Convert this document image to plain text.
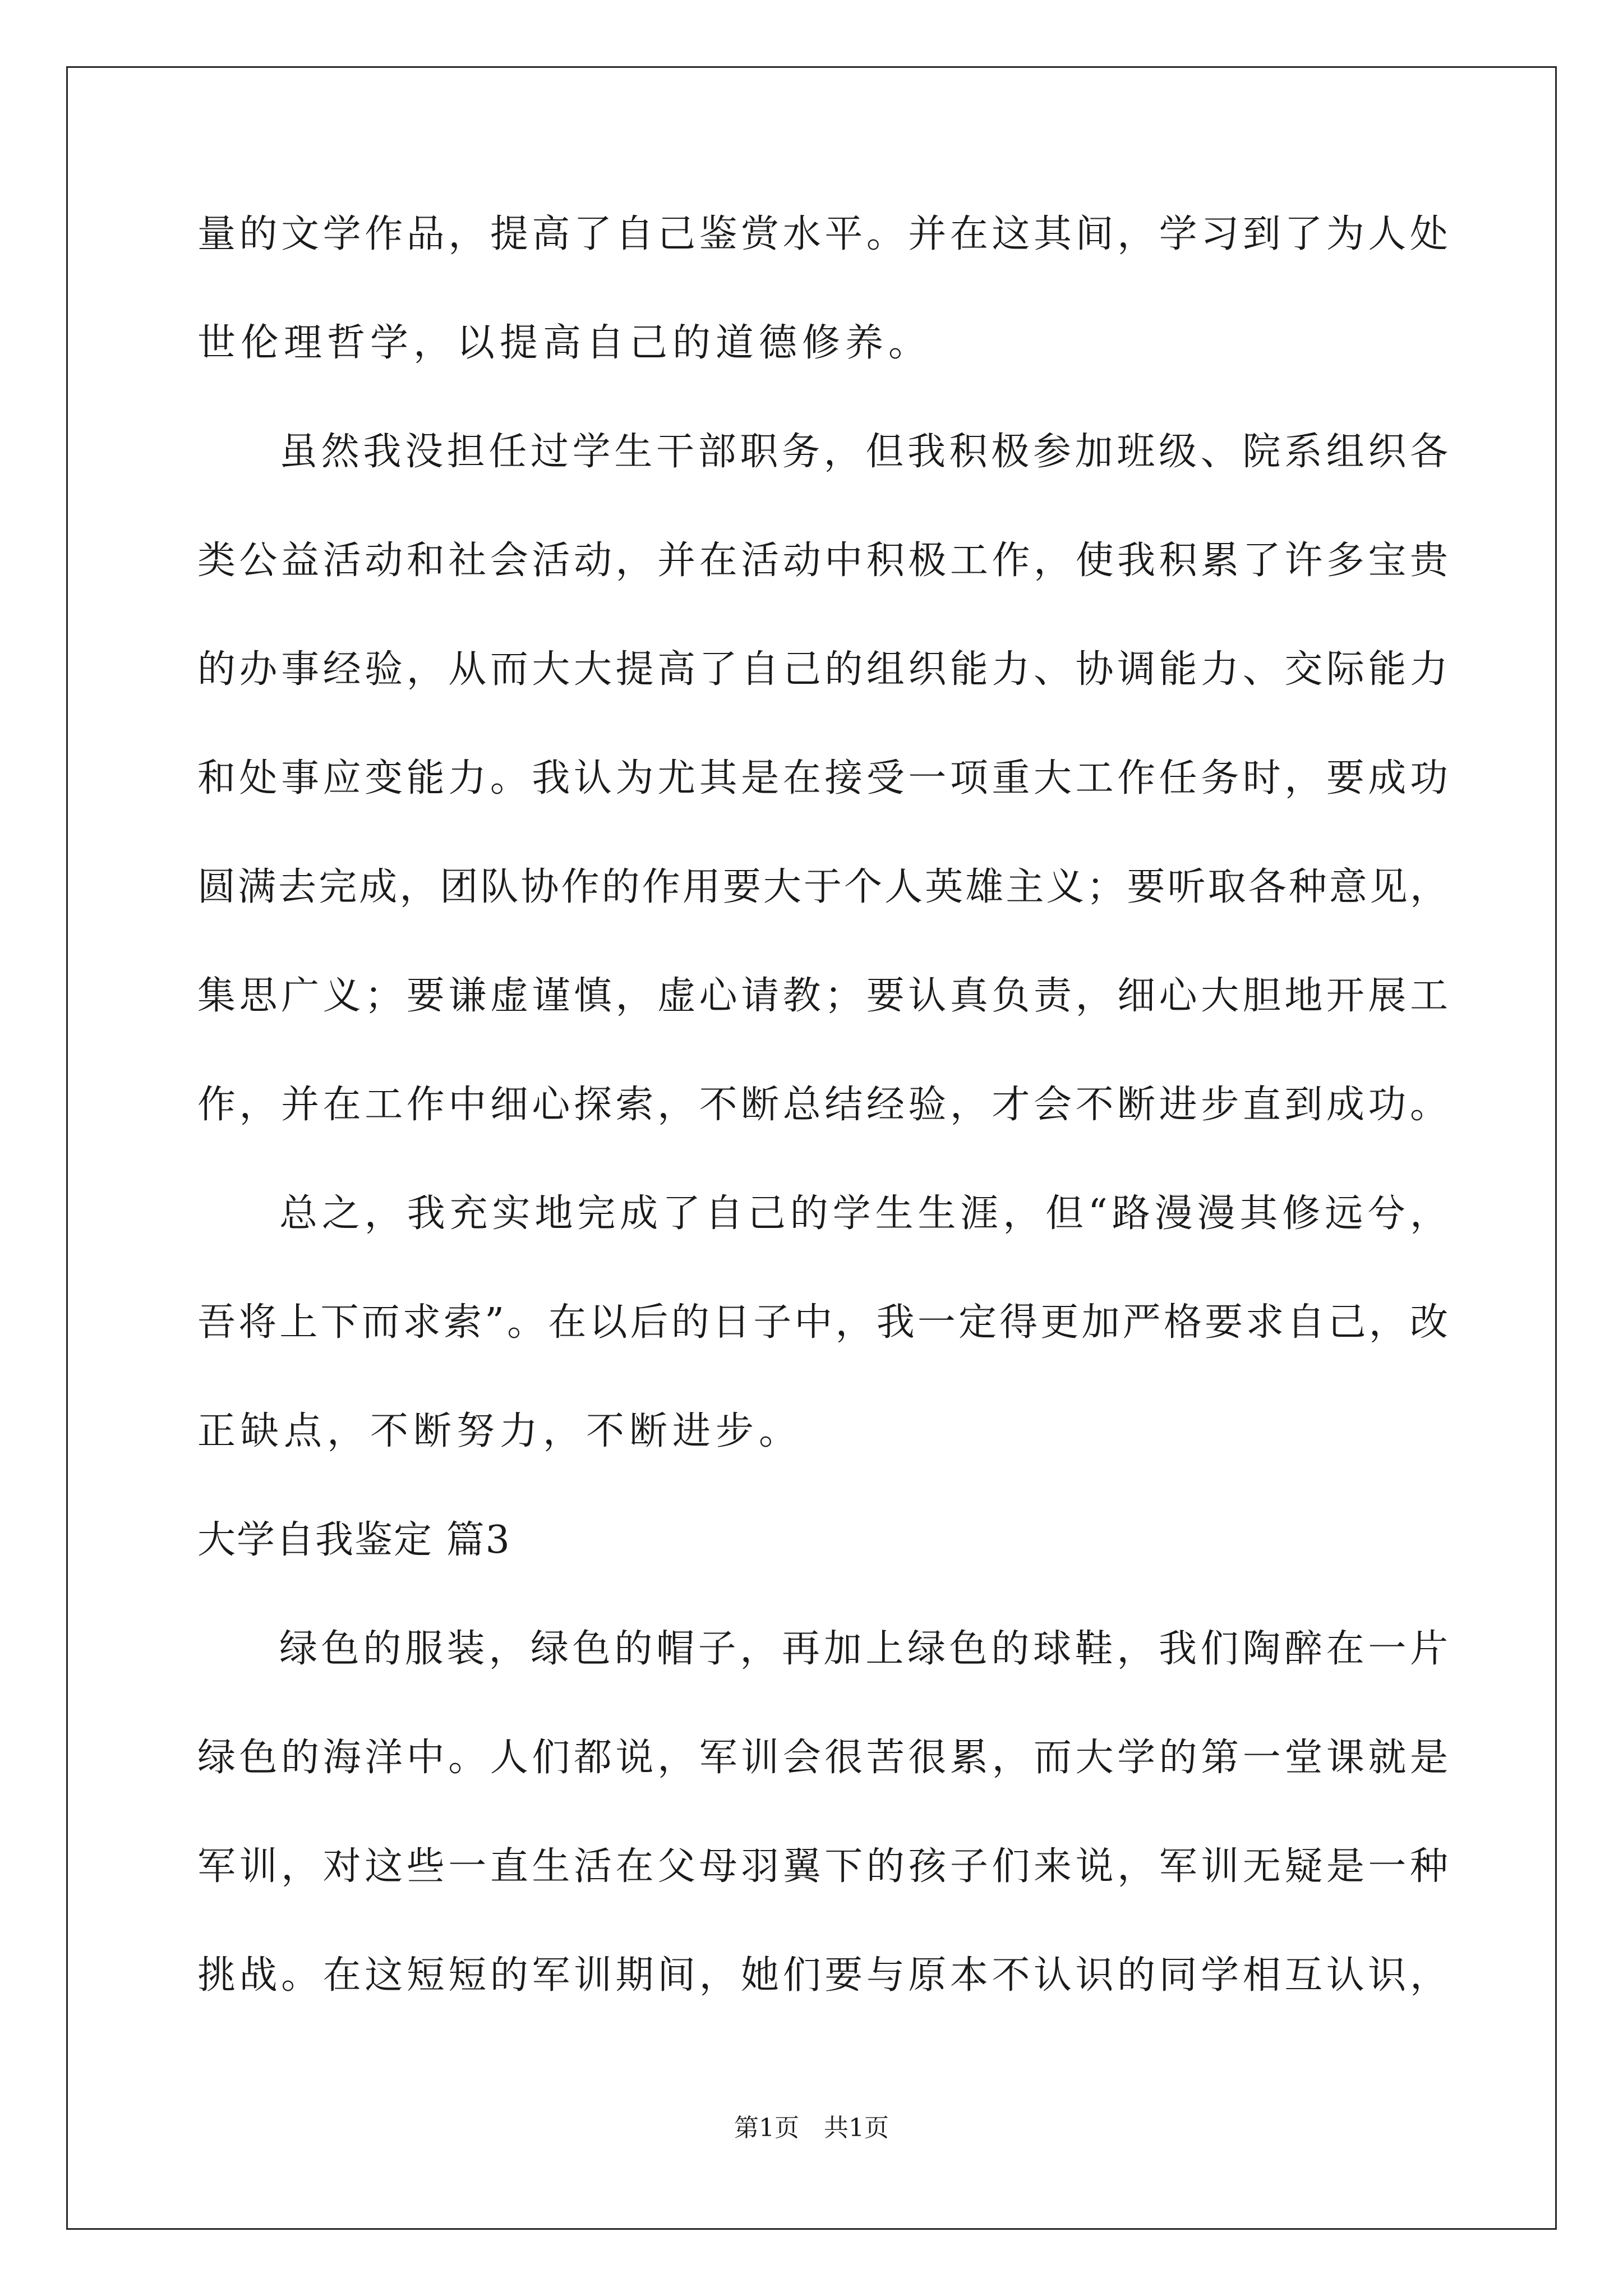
量的文学作品，提高了自己鉴赏水平。并在这其间，学习到了为人处
世伦理哲学，以提高自己的道德修养。
虽然我没担任过学生干部职务，但我积极参加班级、院系组织各
类公益活动和社会活动，并在活动中积极工作，使我积累了许多宝贵
的办事经验，从而大大提高了自己的组织能力、协调能力、交际能力
和处事应变能力。我认为尤其是在接受一项重大工作任务时，要成功
圆满去完成，团队协作的作用要大于个人英雄主义；要听取各种意见，
集思广义；要谦虚谨慎，虚心请教；要认真负责，细心大胆地开展工
作，并在工作中细心探索，不断总结经验，才会不断进步直到成功。
总之，我充实地完成了自己的学生生涯，但“路漫漫其修远兮，
吾将上下而求索”。在以后的日子中，我一定得更加严格要求自己，改
正缺点，不断努力，不断进步。
大学自我鉴定 篇3
绿色的服装，绿色的帽子，再加上绿色的球鞋，我们陶醉在一片
绿色的海洋中。人们都说，军训会很苦很累，而大学的第一堂课就是
军训，对这些一直生活在父母羽翼下的孩子们来说，军训无疑是一种
挑战。在这短短的军训期间，她们要与原本不认识的同学相互认识，
第1页 共1页
